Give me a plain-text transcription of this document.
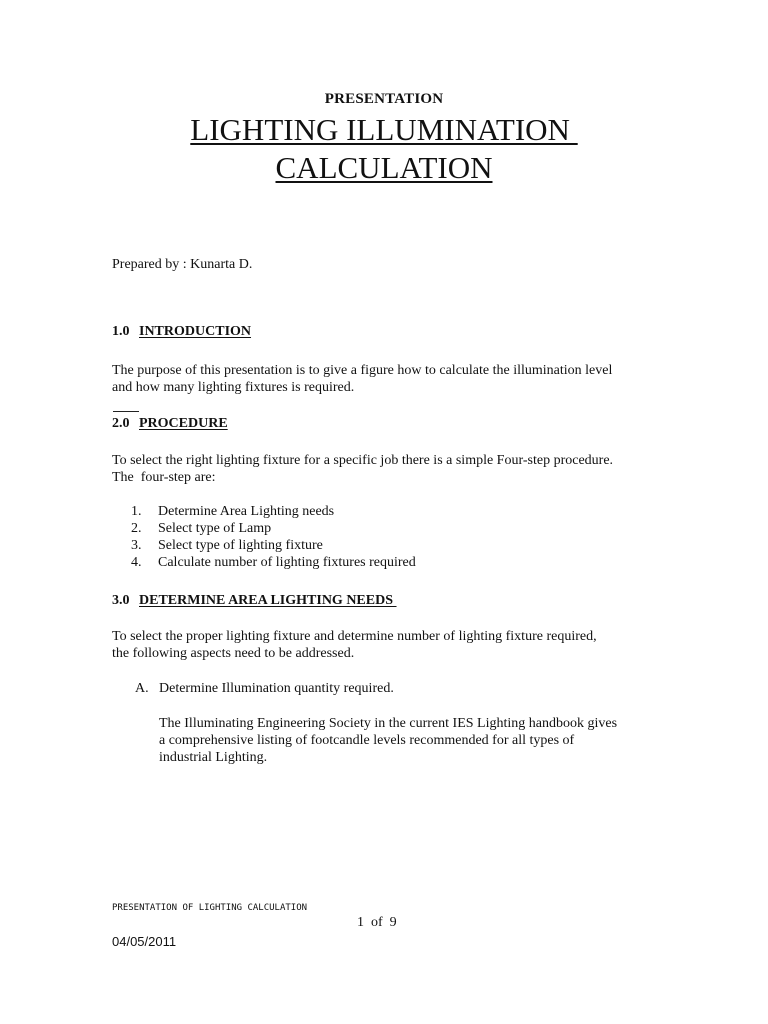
PRESENTATION
LIGHTING ILLUMINATION
CALCULATION
Prepared by : Kunarta D.
1.0 INTRODUCTION
The purpose of this presentation is to give a figure how to calculate the illumination level
and how many lighting fixtures is required.
2.0 PROCEDURE
To select the right lighting fixture for a specific job there is a simple Four-step procedure.
The  four-step are:
1.	Determine Area Lighting needs
2.	Select type of Lamp
3.	Select type of lighting fixture
4.	Calculate number of lighting fixtures required
3.0 DETERMINE AREA LIGHTING NEEDS
To select the proper lighting fixture and determine number of lighting fixture required,
the following aspects need to be addressed.
A. Determine Illumination quantity required.
The Illuminating Engineering Society in the current IES Lighting handbook gives
a comprehensive listing of footcandle levels recommended for all types of
industrial Lighting.
PRESENTATION OF LIGHTING CALCULATION
1 of 9
04/05/2011
